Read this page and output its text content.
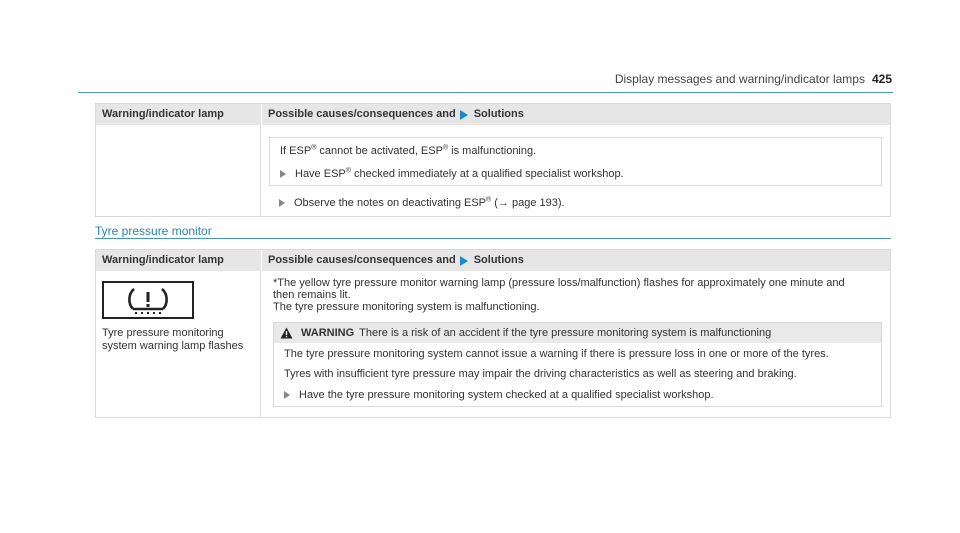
Display messages and warning/indicator lamps 425
Warning/indicator lamp	Possible causes/consequences and Solutions
If ESP® cannot be activated, ESP® is malfunctioning.
Have ESP® checked immediately at a qualified specialist workshop.
Observe the notes on deactivating ESP® (→ page 193).
Tyre pressure monitor
Warning/indicator lamp	Possible causes/consequences and Solutions
Tyre pressure monitoring
system warning lamp flashes
*The yellow tyre pressure monitor warning lamp (pressure loss/malfunction) flashes for approximately one minute and
then remains lit.
The tyre pressure monitoring system is malfunctioning.
WARNING There is a risk of an accident if the tyre pressure monitoring system is malfunctioning

The tyre pressure monitoring system cannot issue a warning if there is pressure loss in one or more of the tyres.

Tyres with insufficient tyre pressure may impair the driving characteristics as well as steering and braking.

Have the tyre pressure monitoring system checked at a qualified specialist workshop.
